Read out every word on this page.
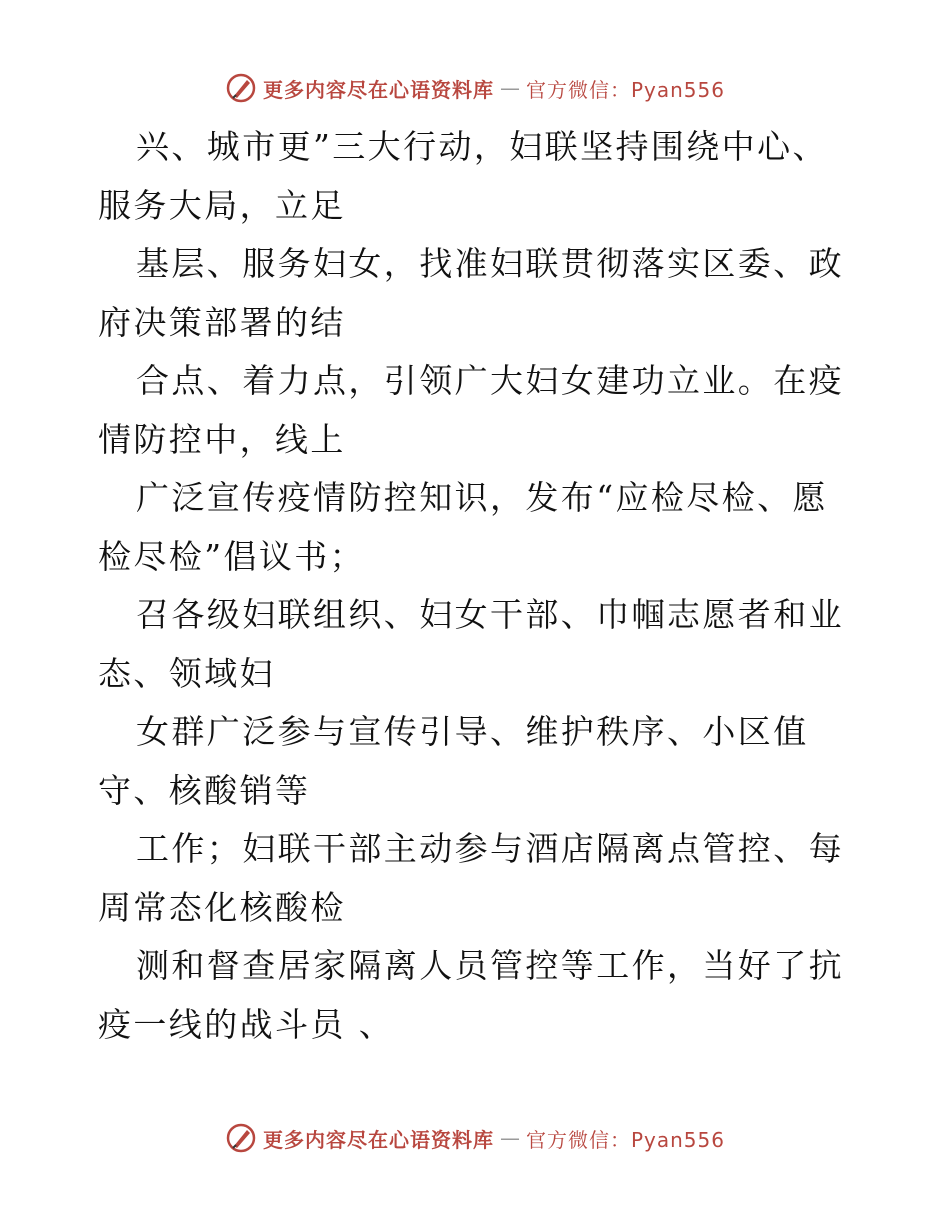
更多内容尽在心语资料库 — 官方微信：Pyan556

兴、城市更”三大行动，妇联坚持围绕中心、服务大局，立足

基层、服务妇女，找准妇联贯彻落实区委、政府决策部署的结

合点、着力点，引领广大妇女建功立业。在疫情防控中，线上

广泛宣传疫情防控知识，发布“应检尽检、愿检尽检”倡议书；

召各级妇联组织、妇女干部、巾帼志愿者和业态、领域妇

女群广泛参与宣传引导、维护秩序、小区值守、核酸销等

工作；妇联干部主动参与酒店隔离点管控、每周常态化核酸检

测和督查居家隔离人员管控等工作，当好了抗疫一线的战斗员 、

更多内容尽在心语资料库 — 官方微信：Pyan556
